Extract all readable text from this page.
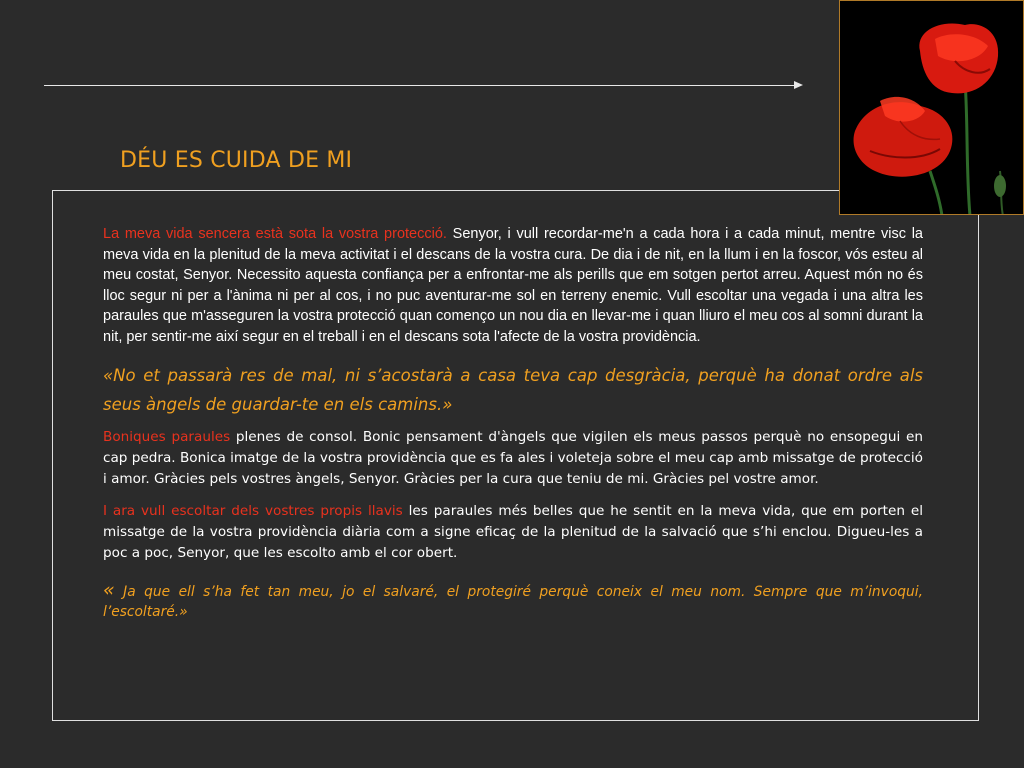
DÉU ES CUIDA DE MI

La meva vida sencera està sota la vostra protecció. Senyor, i vull recordar-me'n a cada hora i a cada minut, mentre visc la meva vida en la plenitud de la meva activitat i el descans de la vostra cura. De dia i de nit, en la llum i en la foscor, vós esteu al meu costat, Senyor. Necessito aquesta confiança per a enfrontar-me als perills que em sotgen pertot arreu. Aquest món no és lloc segur ni per a l'ànima ni per al cos, i no puc aventurar-me sol en terreny enemic. Vull escoltar una vegada i una altra les paraules que m'asseguren la vostra protecció quan començo un nou dia en llevar-me i quan lliuro el meu cos al somni durant la nit, per sentir-me així segur en el treball i en el descans sota l'afecte de la vostra providència.

«No et passarà res de mal, ni s’acostarà a casa teva cap desgràcia, perquè ha donat ordre als seus àngels de guardar-te en els camins.»

Boniques paraules plenes de consol. Bonic pensament d'àngels que vigilen els meus passos perquè no ensopegui en cap pedra. Bonica imatge de la vostra providència que es fa ales i voleteja sobre el meu cap amb missatge de protecció i amor. Gràcies pels vostres àngels, Senyor. Gràcies per la cura que teniu de mi. Gràcies pel vostre amor.

I ara vull escoltar dels vostres propis llavis les paraules més belles que he sentit en la meva vida, que em porten el missatge de la vostra providència diària com a signe eficaç de la plenitud de la salvació que s’hi enclou. Digueu-les a poc a poc, Senyor, que les escolto amb el cor obert.

« Ja que ell s’ha fet tan meu, jo el salvaré, el protegiré perquè coneix el meu nom. Sempre que m’invoqui, l’escoltaré.»
